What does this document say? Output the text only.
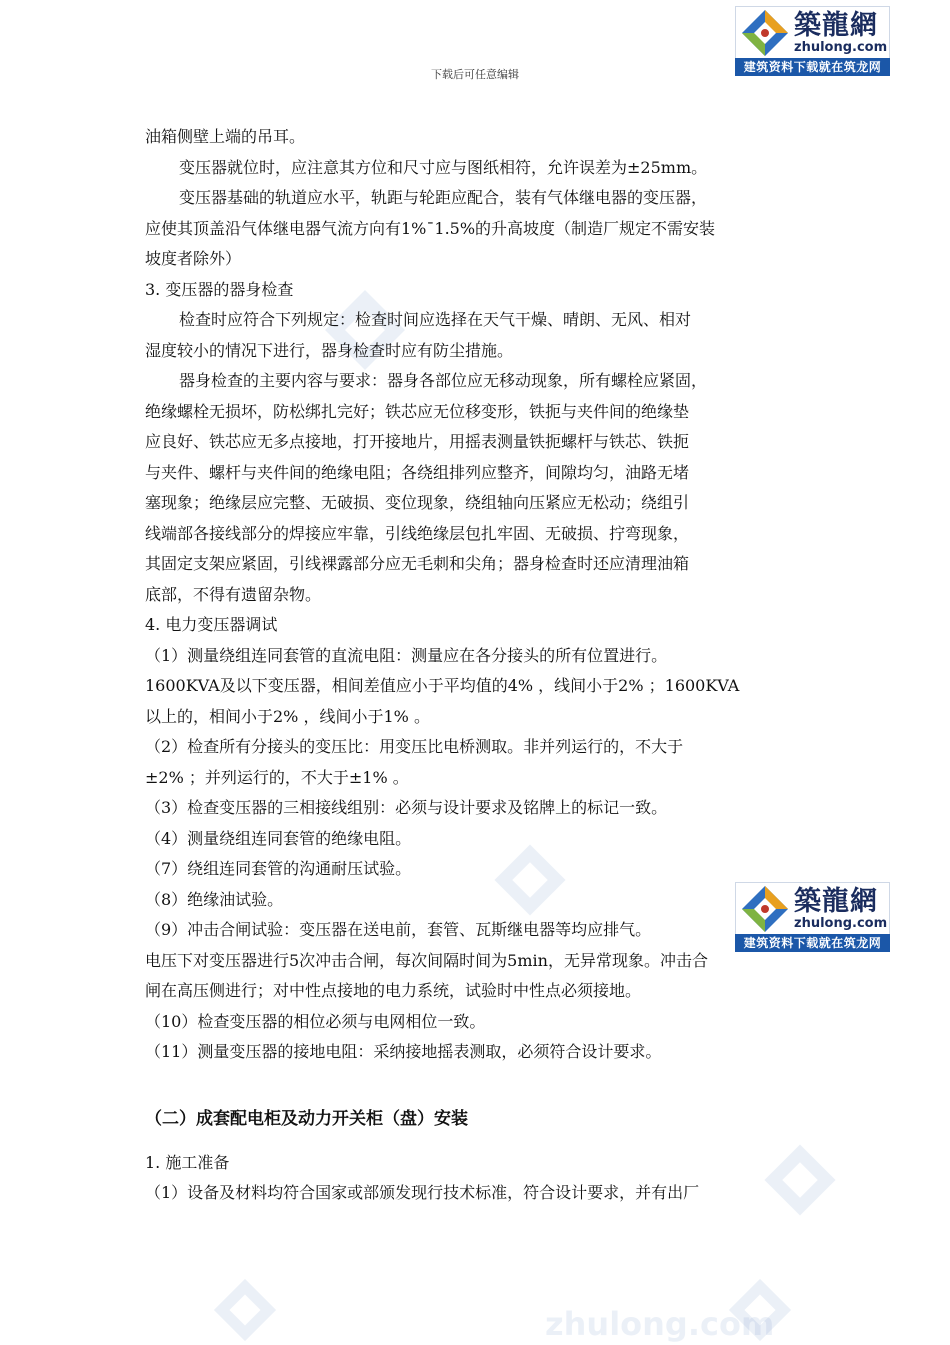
zhulong.com
築龍網
zhulong.com
建筑资料下载就在筑龙网
築龍網
zhulong.com
建筑资料下载就在筑龙网
下载后可任意编辑

油箱侧壁上端的吊耳。

变压器就位时，应注意其方位和尺寸应与图纸相符，允许误差为±25mm。

变压器基础的轨道应水平，轨距与轮距应配合，装有气体继电器的变压器，

应使其顶盖沿气体继电器气流方向有1%¯1.5%的升高坡度（制造厂规定不需安装

坡度者除外）

3. 变压器的器身检查

检查时应符合下列规定：检查时间应选择在天气干燥、晴朗、无风、相对

湿度较小的情况下进行，器身检查时应有防尘措施。

器身检查的主要内容与要求：器身各部位应无移动现象，所有螺栓应紧固，

绝缘螺栓无损坏，防松绑扎完好；铁芯应无位移变形，铁扼与夹件间的绝缘垫

应良好、铁芯应无多点接地，打开接地片，用摇表测量铁扼螺杆与铁芯、铁扼

与夹件、螺杆与夹件间的绝缘电阻；各绕组排列应整齐，间隙均匀，油路无堵

塞现象；绝缘层应完整、无破损、变位现象，绕组轴向压紧应无松动；绕组引

线端部各接线部分的焊接应牢靠，引线绝缘层包扎牢固、无破损、拧弯现象，

其固定支架应紧固，引线裸露部分应无毛刺和尖角；器身检查时还应清理油箱

底部，不得有遗留杂物。

4. 电力变压器调试

（1）测量绕组连同套管的直流电阻：测量应在各分接头的所有位置进行。

1600KVA及以下变压器，相间差值应小于平均值的4% ，线间小于2% ；1600KVA

以上的，相间小于2% ，线间小于1% 。

（2）检查所有分接头的变压比：用变压比电桥测取。非并列运行的，不大于

±2% ；并列运行的，不大于±1% 。

（3）检查变压器的三相接线组别：必须与设计要求及铭牌上的标记一致。

（4）测量绕组连同套管的绝缘电阻。

（7）绕组连同套管的沟通耐压试验。

（8）绝缘油试验。

（9）冲击合闸试验：变压器在送电前，套管、瓦斯继电器等均应排气。

电压下对变压器进行5次冲击合闸，每次间隔时间为5min，无异常现象。冲击合

闸在高压侧进行；对中性点接地的电力系统，试验时中性点必须接地。

（10）检查变压器的相位必须与电网相位一致。

（11）测量变压器的接地电阻：采纳接地摇表测取，必须符合设计要求。

（二）成套配电柜及动力开关柜（盘）安装

1. 施工准备

（1）设备及材料均符合国家或部颁发现行技术标准，符合设计要求，并有出厂
